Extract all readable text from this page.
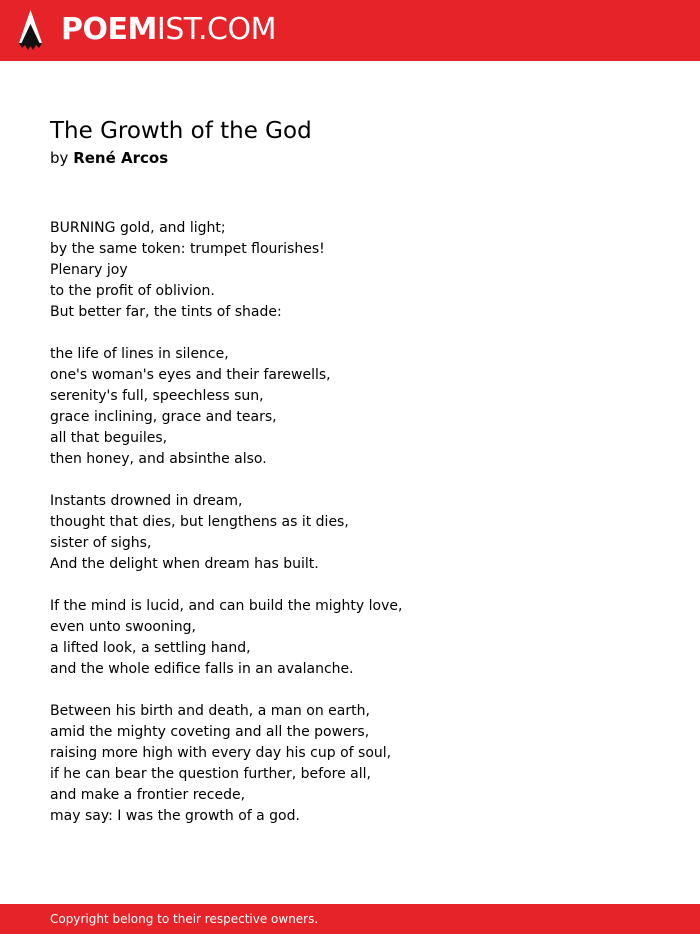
POEMIST.COM
The Growth of the God
by René Arcos
BURNING gold, and light;
by the same token: trumpet flourishes!
Plenary joy
to the profit of oblivion.
But better far, the tints of shade:
the life of lines in silence,
one's woman's eyes and their farewells,
serenity's full, speechless sun,
grace inclining, grace and tears,
all that beguiles,
then honey, and absinthe also.
Instants drowned in dream,
thought that dies, but lengthens as it dies,
sister of sighs,
And the delight when dream has built.
If the mind is lucid, and can build the mighty love,
even unto swooning,
a lifted look, a settling hand,
and the whole edifice falls in an avalanche.
Between his birth and death, a man on earth,
amid the mighty coveting and all the powers,
raising more high with every day his cup of soul,
if he can bear the question further, before all,
and make a frontier recede,
may say: I was the growth of a god.
Copyright belong to their respective owners.
